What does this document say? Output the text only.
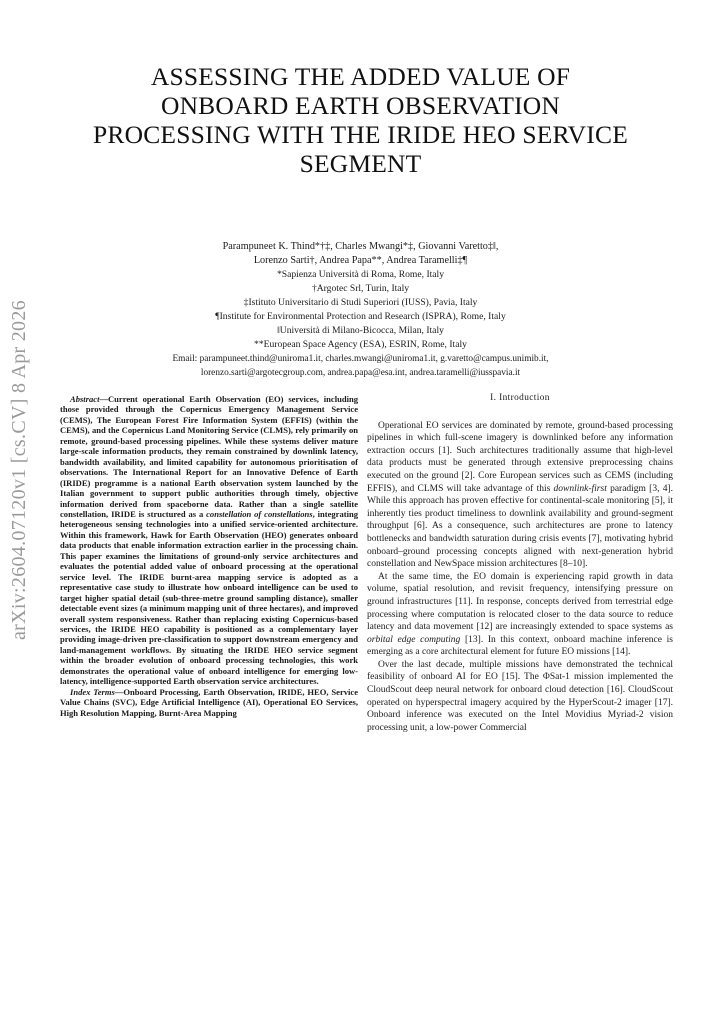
ASSESSING THE ADDED VALUE OF
ONBOARD EARTH OBSERVATION
PROCESSING WITH THE IRIDE HEO SERVICE
SEGMENT
Parampuneet K. Thind*†‡, Charles Mwangi*‡, Giovanni Varetto‡‖,
Lorenzo Sarti†, Andrea Papa**, Andrea Taramelli‡¶
*Sapienza Università di Roma, Rome, Italy
†Argotec Srl, Turin, Italy
‡Istituto Universitario di Studi Superiori (IUSS), Pavia, Italy
¶Institute for Environmental Protection and Research (ISPRA), Rome, Italy
‖Università di Milano-Bicocca, Milan, Italy
**European Space Agency (ESA), ESRIN, Rome, Italy
Email: parampuneet.thind@uniroma1.it, charles.mwangi@uniroma1.it, g.varetto@campus.unimib.it,
lorenzo.sarti@argotecgroup.com, andrea.papa@esa.int, andrea.taramelli@iusspavia.it
arXiv:2604.07120v1 [cs.CV] 8 Apr 2026	Abstract—Current operational Earth Observation (EO) services, including those provided through the Copernicus Emergency Management Service (CEMS), The European Forest Fire Information System (EFFIS) (within the CEMS), and the Copernicus Land Monitoring Service (CLMS), rely primarily on remote, ground-based processing pipelines. While these systems deliver mature large-scale information products, they remain constrained by downlink latency, bandwidth availability, and limited capability for autonomous prioritisation of observations. The International Report for an Innovative Defence of Earth (IRIDE) programme is a national Earth observation system launched by the Italian government to support public authorities through timely, objective information derived from spaceborne data. Rather than a single satellite constellation, IRIDE is structured as a constellation of constellations, integrating heterogeneous sensing technologies into a unified service-oriented architecture. Within this framework, Hawk for Earth Observation (HEO) generates onboard data products that enable information extraction earlier in the processing chain. This paper examines the limitations of ground-only service architectures and evaluates the potential added value of onboard processing at the operational service level. The IRIDE burnt-area mapping service is adopted as a representative case study to illustrate how onboard intelligence can be used to target higher spatial detail (sub-three-metre ground sampling distance), smaller detectable event sizes (a minimum mapping unit of three hectares), and improved overall system responsiveness. Rather than replacing existing Copernicus-based services, the IRIDE HEO capability is positioned as a complementary layer providing image-driven pre-classification to support downstream emergency and land-management workflows. By situating the IRIDE HEO service segment within the broader evolution of onboard processing technologies, this work demonstrates the operational value of onboard intelligence for emerging low-latency, intelligence-supported Earth observation service architectures.

Index Terms—Onboard Processing, Earth Observation, IRIDE, HEO, Service Value Chains (SVC), Edge Artificial Intelligence (AI), Operational EO Services, High Resolution Mapping, Burnt-Area Mapping

I. Introduction

Operational EO services are dominated by remote, ground-based processing pipelines in which full-scene imagery is downlinked before any information extraction occurs [1]. Such architectures traditionally assume that high-level data products must be generated through extensive preprocessing chains executed on the ground [2]. Core European services such as CEMS (including EFFIS), and CLMS will take advantage of this downlink-first paradigm [3, 4]. While this approach has proven effective for continental-scale monitoring [5], it inherently ties product timeliness to downlink availability and ground-segment throughput [6]. As a consequence, such architectures are prone to latency bottlenecks and bandwidth saturation during crisis events [7], motivating hybrid onboard–ground processing concepts aligned with next-generation hybrid constellation and NewSpace mission architectures [8–10].

At the same time, the EO domain is experiencing rapid growth in data volume, spatial resolution, and revisit frequency, intensifying pressure on ground infrastructures [11]. In response, concepts derived from terrestrial edge processing where computation is relocated closer to the data source to reduce latency and data movement [12] are increasingly extended to space systems as orbital edge computing [13]. In this context, onboard machine inference is emerging as a core architectural element for future EO missions [14].

Over the last decade, multiple missions have demonstrated the technical feasibility of onboard AI for EO [15]. The ΦSat-1 mission implemented the CloudScout deep neural network for onboard cloud detection [16]. CloudScout operated on hyperspectral imagery acquired by the HyperScout-2 imager [17]. Onboard inference was executed on the Intel Movidius Myriad-2 vision processing unit, a low-power Commercial
